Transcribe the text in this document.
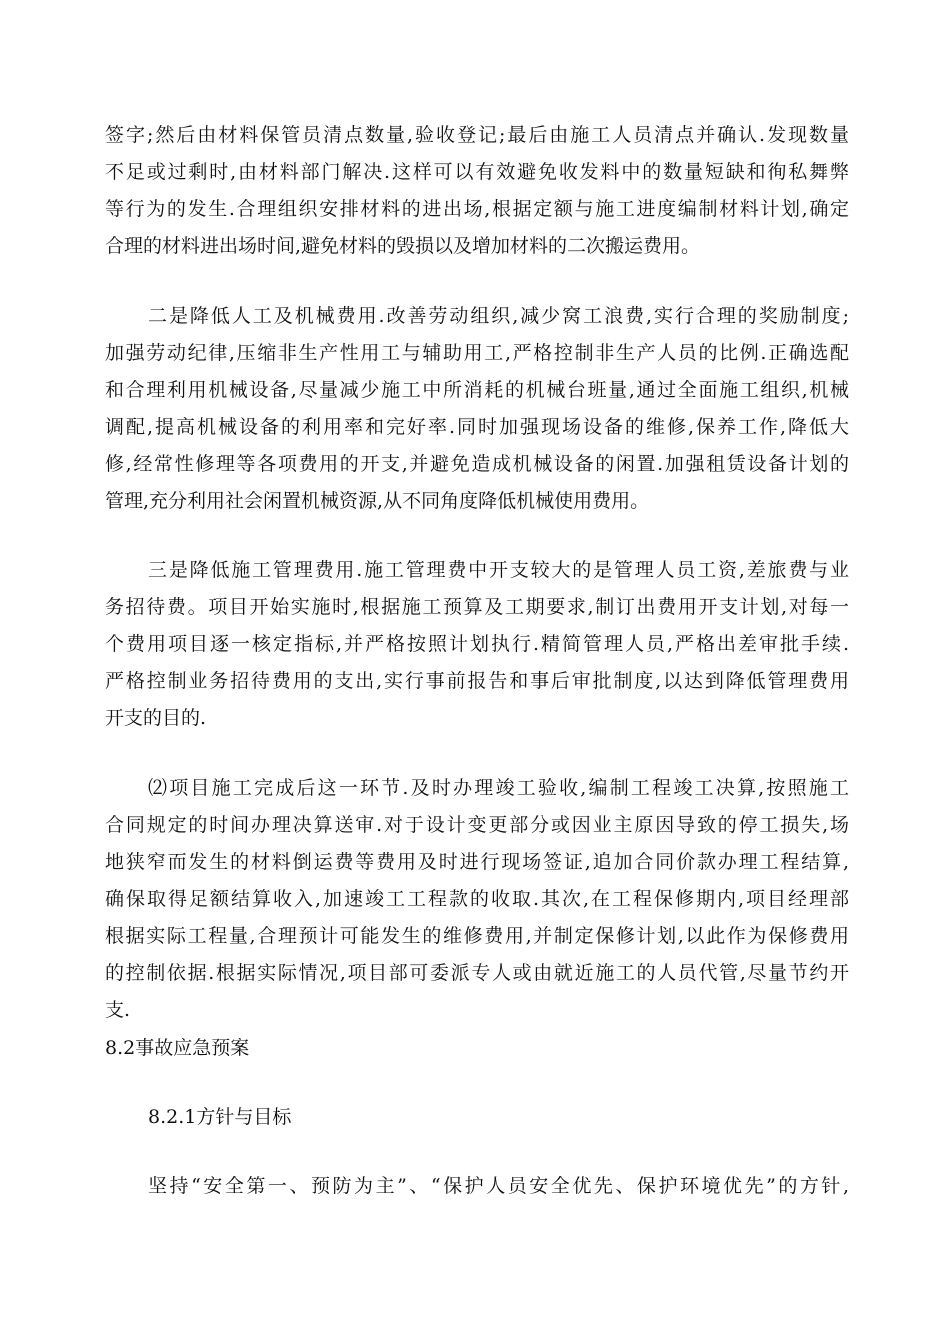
签字;然后由材料保管员清点数量,验收登记;最后由施工人员清点并确认.发现数量
不足或过剩时,由材料部门解决.这样可以有效避免收发料中的数量短缺和徇私舞弊
等行为的发生.合理组织安排材料的进出场,根据定额与施工进度编制材料计划,确定
合理的材料进出场时间,避免材料的毁损以及增加材料的二次搬运费用。
二是降低人工及机械费用.改善劳动组织,减少窝工浪费,实行合理的奖励制度;
加强劳动纪律,压缩非生产性用工与辅助用工,严格控制非生产人员的比例.正确选配
和合理利用机械设备,尽量减少施工中所消耗的机械台班量,通过全面施工组织,机械
调配,提高机械设备的利用率和完好率.同时加强现场设备的维修,保养工作,降低大
修,经常性修理等各项费用的开支,并避免造成机械设备的闲置.加强租赁设备计划的
管理,充分利用社会闲置机械资源,从不同角度降低机械使用费用。
三是降低施工管理费用.施工管理费中开支较大的是管理人员工资,差旅费与业
务招待费。项目开始实施时,根据施工预算及工期要求,制订出费用开支计划,对每一
个费用项目逐一核定指标,并严格按照计划执行.精简管理人员,严格出差审批手续.
严格控制业务招待费用的支出,实行事前报告和事后审批制度,以达到降低管理费用
开支的目的.
⑵项目施工完成后这一环节.及时办理竣工验收,编制工程竣工决算,按照施工
合同规定的时间办理决算送审.对于设计变更部分或因业主原因导致的停工损失,场
地狭窄而发生的材料倒运费等费用及时进行现场签证,追加合同价款办理工程结算,
确保取得足额结算收入,加速竣工工程款的收取.其次,在工程保修期内,项目经理部
根据实际工程量,合理预计可能发生的维修费用,并制定保修计划,以此作为保修费用
的控制依据.根据实际情况,项目部可委派专人或由就近施工的人员代管,尽量节约开
支.
8.2事故应急预案
8.2.1方针与目标
坚持“安全第一、预防为主”、“保护人员安全优先、保护环境优先”的方针,
